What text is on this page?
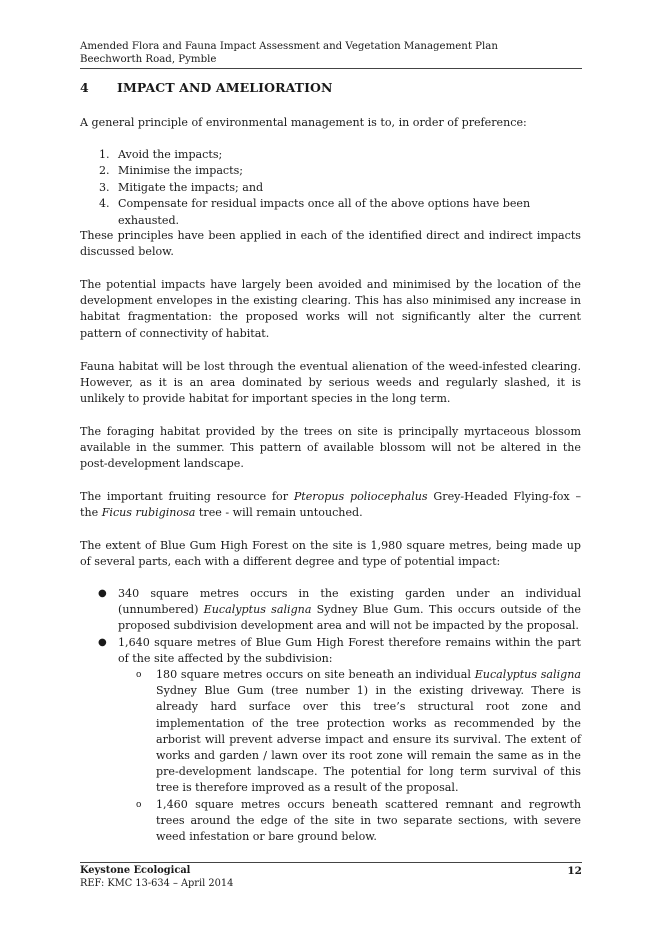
Amended Flora and Fauna Impact Assessment and Vegetation Management Plan
Beechworth Road, Pymble
4 IMPACT AND AMELIORATION

A general principle of environmental management is to, in order of preference:

1. Avoid the impacts;
2. Minimise the impacts;
3. Mitigate the impacts; and
4. Compensate for residual impacts once all of the above options have been exhausted.

These principles have been applied in each of the identified direct and indirect impacts discussed below.

The potential impacts have largely been avoided and minimised by the location of the development envelopes in the existing clearing. This has also minimised any increase in habitat fragmentation: the proposed works will not significantly alter the current pattern of connectivity of habitat.

Fauna habitat will be lost through the eventual alienation of the weed-infested clearing. However, as it is an area dominated by serious weeds and regularly slashed, it is unlikely to provide habitat for important species in the long term.

The foraging habitat provided by the trees on site is principally myrtaceous blossom available in the summer. This pattern of available blossom will not be altered in the post-development landscape.

The important fruiting resource for Pteropus poliocephalus Grey-Headed Flying-fox – the Ficus rubiginosa tree - will remain untouched.

The extent of Blue Gum High Forest on the site is 1,980 square metres, being made up of several parts, each with a different degree and type of potential impact:

● 340 square metres occurs in the existing garden under an individual (unnumbered) Eucalyptus saligna Sydney Blue Gum. This occurs outside of the proposed subdivision development area and will not be impacted by the proposal.
● 1,640 square metres of Blue Gum High Forest therefore remains within the part of the site affected by the subdivision:
o 180 square metres occurs on site beneath an individual Eucalyptus saligna Sydney Blue Gum (tree number 1) in the existing driveway. There is already hard surface over this tree’s structural root zone and implementation of the tree protection works as recommended by the arborist will prevent adverse impact and ensure its survival. The extent of works and garden / lawn over its root zone will remain the same as in the pre-development landscape. The potential for long term survival of this tree is therefore improved as a result of the proposal.
o 1,460 square metres occurs beneath scattered remnant and regrowth trees around the edge of the site in two separate sections, with severe weed infestation or bare ground below.
Keystone Ecological
REF: KMC 13-634 – April 2014
12
